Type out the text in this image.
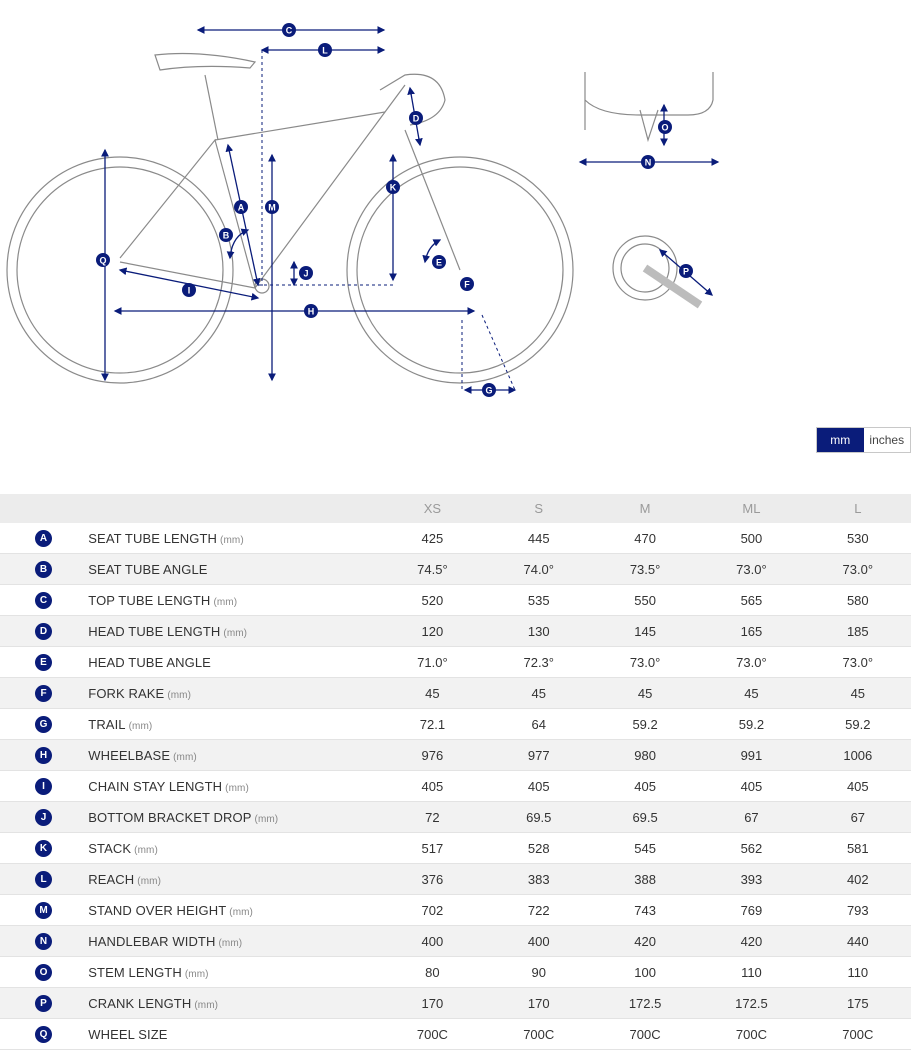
C
L
D
O
N
K
M
A
B
Q
J
E
F
I
H
P
G
mm	inches
		XS	S	M	ML	L
A	SEAT TUBE LENGTH (mm)	425	445	470	500	530
B	SEAT TUBE ANGLE	74.5°	74.0°	73.5°	73.0°	73.0°
C	TOP TUBE LENGTH (mm)	520	535	550	565	580
D	HEAD TUBE LENGTH (mm)	120	130	145	165	185
E	HEAD TUBE ANGLE	71.0°	72.3°	73.0°	73.0°	73.0°
F	FORK RAKE (mm)	45	45	45	45	45
G	TRAIL (mm)	72.1	64	59.2	59.2	59.2
H	WHEELBASE (mm)	976	977	980	991	1006
I	CHAIN STAY LENGTH (mm)	405	405	405	405	405
J	BOTTOM BRACKET DROP (mm)	72	69.5	69.5	67	67
K	STACK (mm)	517	528	545	562	581
L	REACH (mm)	376	383	388	393	402
M	STAND OVER HEIGHT (mm)	702	722	743	769	793
N	HANDLEBAR WIDTH (mm)	400	400	420	420	440
O	STEM LENGTH (mm)	80	90	100	110	110
P	CRANK LENGTH (mm)	170	170	172.5	172.5	175
Q	WHEEL SIZE	700C	700C	700C	700C	700C
